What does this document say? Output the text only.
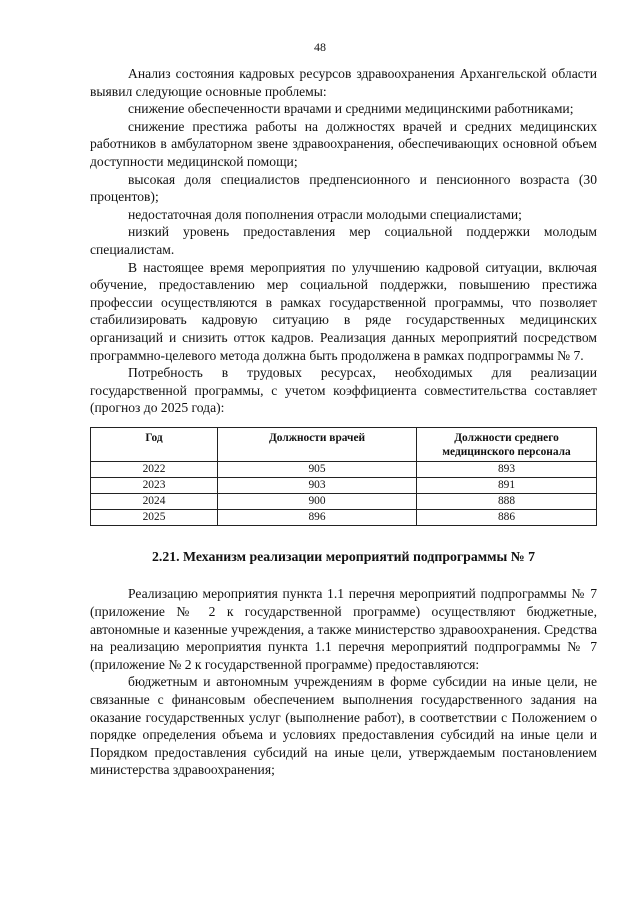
48

Анализ состояния кадровых ресурсов здравоохранения Архангельской области выявил следующие основные проблемы:

снижение обеспеченности врачами и средними медицинскими работниками;

снижение престижа работы на должностях врачей и средних медицинских работников в амбулаторном звене здравоохранения, обеспечивающих основной объем доступности медицинской помощи;

высокая доля специалистов предпенсионного и пенсионного возраста (30 процентов);

недостаточная доля пополнения отрасли молодыми специалистами;

низкий уровень предоставления мер социальной поддержки молодым специалистам.

В настоящее время мероприятия по улучшению кадровой ситуации, включая обучение, предоставлению мер социальной поддержки, повышению престижа профессии осуществляются в рамках государственной программы, что позволяет стабилизировать кадровую ситуацию в ряде государственных медицинских организаций и снизить отток кадров. Реализация данных мероприятий посредством программно-целевого метода должна быть продолжена в рамках подпрограммы № 7.

Потребность в трудовых ресурсах, необходимых для реализации государственной программы, с учетом коэффициента совместительства составляет (прогноз до 2025 года):

Год	Должности врачей	Должности среднего медицинского персонала
2022	905	893
2023	903	891
2024	900	888
2025	896	886
2.21. Механизм реализации мероприятий подпрограммы № 7

Реализацию мероприятия пункта 1.1 перечня мероприятий подпрограммы № 7 (приложение № 2 к государственной программе) осуществляют бюджетные, автономные и казенные учреждения, а также министерство здравоохранения. Средства на реализацию мероприятия пункта 1.1 перечня мероприятий подпрограммы № 7 (приложение № 2 к государственной программе) предоставляются:

бюджетным и автономным учреждениям в форме субсидии на иные цели, не связанные с финансовым обеспечением выполнения государственного задания на оказание государственных услуг (выполнение работ), в соответствии с Положением о порядке определения объема и условиях предоставления субсидий на иные цели и Порядком предоставления субсидий на иные цели, утверждаемым постановлением министерства здравоохранения;
